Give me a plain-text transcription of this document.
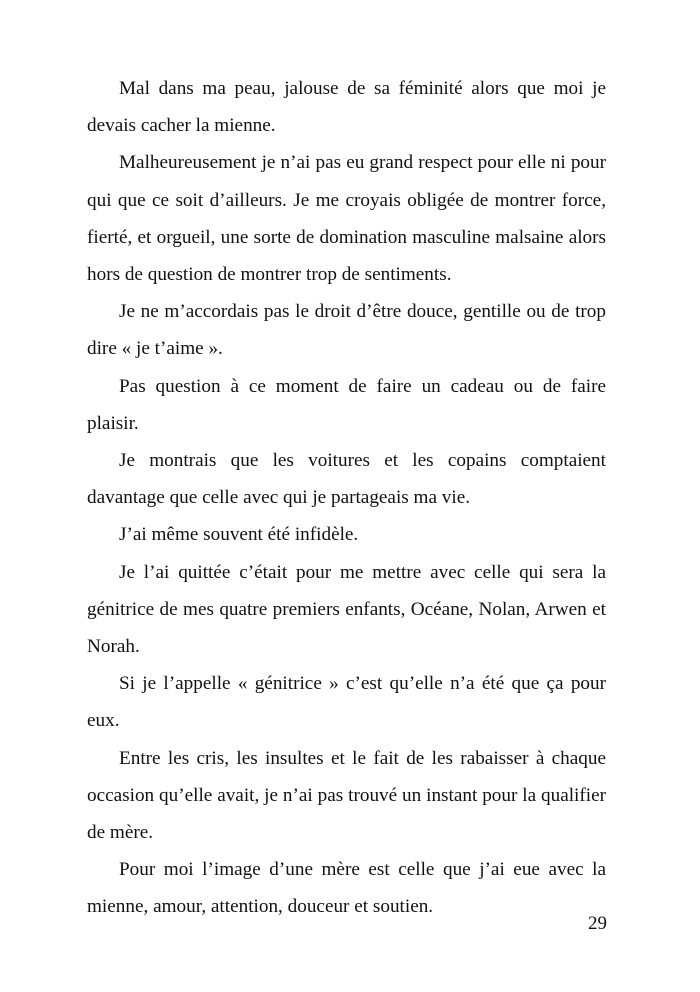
Mal dans ma peau, jalouse de sa féminité alors que moi je devais cacher la mienne.

Malheureusement je n’ai pas eu grand respect pour elle ni pour qui que ce soit d’ailleurs. Je me croyais obligée de montrer force, fierté, et orgueil, une sorte de domination masculine malsaine alors hors de question de montrer trop de sentiments.

Je ne m’accordais pas le droit d’être douce, gentille ou de trop dire « je t’aime ».

Pas question à ce moment de faire un cadeau ou de faire plaisir.

Je montrais que les voitures et les copains comptaient davantage que celle avec qui je partageais ma vie.

J’ai même souvent été infidèle.

Je l’ai quittée c’était pour me mettre avec celle qui sera la génitrice de mes quatre premiers enfants, Océane, Nolan, Arwen et Norah.

Si je l’appelle « génitrice » c’est qu’elle n’a été que ça pour eux.

Entre les cris, les insultes et le fait de les rabaisser à chaque occasion qu’elle avait, je n’ai pas trouvé un instant pour la qualifier de mère.

Pour moi l’image d’une mère est celle que j’ai eue avec la mienne, amour, attention, douceur et soutien.

29
